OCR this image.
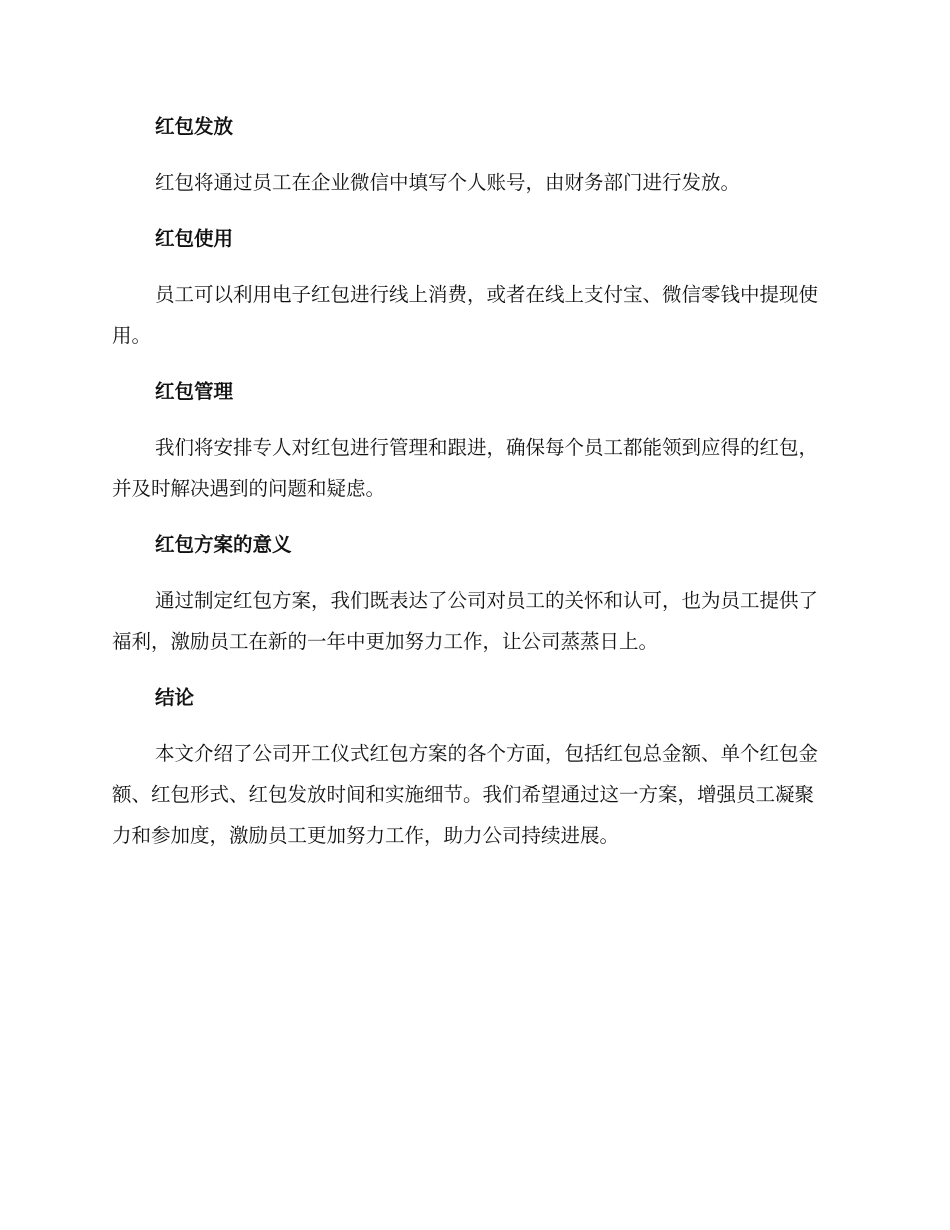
红包发放

红包将通过员工在企业微信中填写个人账号，由财务部门进行发放。

红包使用

员工可以利用电子红包进行线上消费，或者在线上支付宝、微信零钱中提现使用。

红包管理

我们将安排专人对红包进行管理和跟进，确保每个员工都能领到应得的红包，并及时解决遇到的问题和疑虑。

红包方案的意义

通过制定红包方案，我们既表达了公司对员工的关怀和认可，也为员工提供了福利，激励员工在新的一年中更加努力工作，让公司蒸蒸日上。

结论

本文介绍了公司开工仪式红包方案的各个方面，包括红包总金额、单个红包金额、红包形式、红包发放时间和实施细节。我们希望通过这一方案，增强员工凝聚力和参加度，激励员工更加努力工作，助力公司持续进展。
